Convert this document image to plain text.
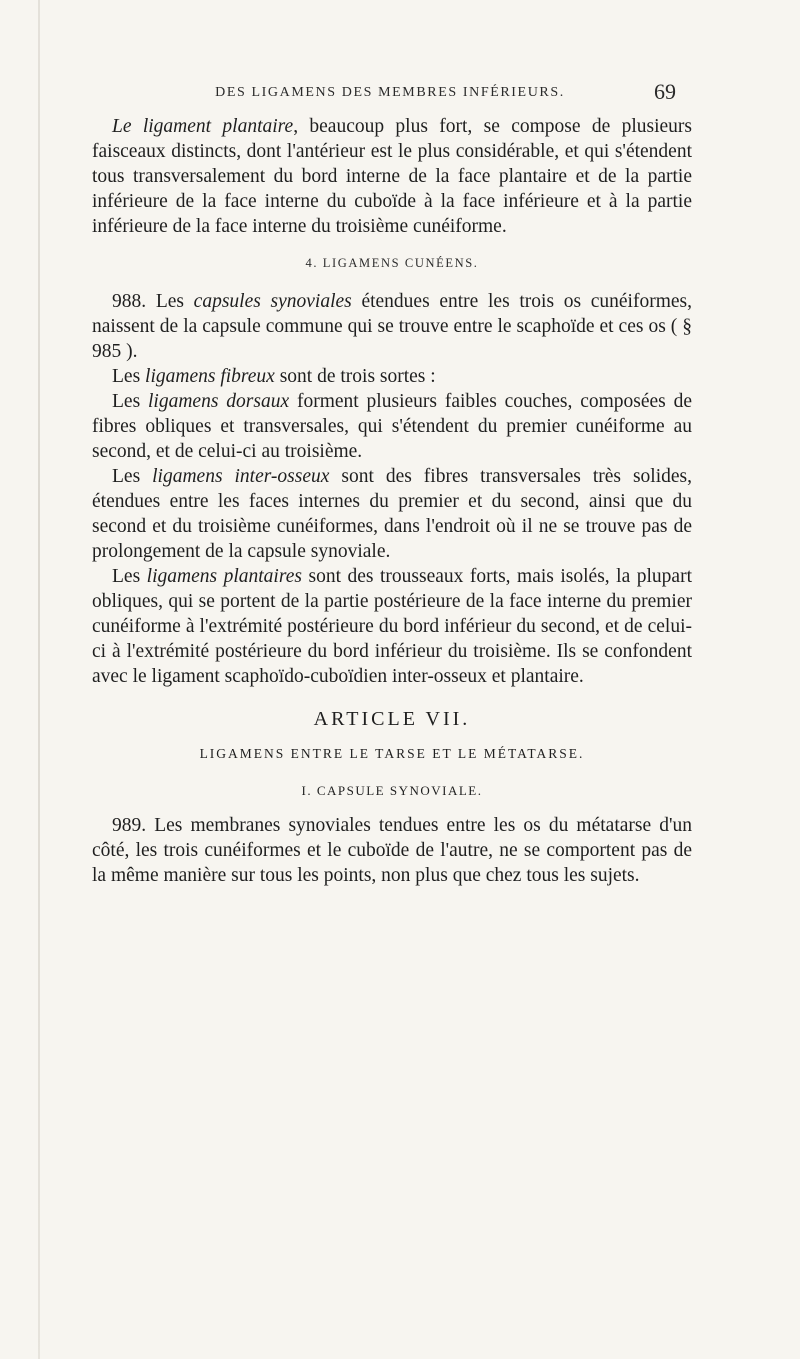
DES LIGAMENS DES MEMBRES INFÉRIEURS.	69

Le ligament plantaire, beaucoup plus fort, se compose de plusieurs faisceaux distincts, dont l'antérieur est le plus considérable, et qui s'étendent tous transversalement du bord interne de la face plantaire et de la partie inférieure de la face interne du cuboïde à la face inférieure et à la partie inférieure de la face interne du troisième cunéiforme.

4. LIGAMENS CUNÉENS.

988. Les capsules synoviales étendues entre les trois os cunéiformes, naissent de la capsule commune qui se trouve entre le scaphoïde et ces os ( § 985 ).

Les ligamens fibreux sont de trois sortes :

Les ligamens dorsaux forment plusieurs faibles couches, composées de fibres obliques et transversales, qui s'étendent du premier cunéiforme au second, et de celui-ci au troisième.

Les ligamens inter-osseux sont des fibres transversales très solides, étendues entre les faces internes du premier et du second, ainsi que du second et du troisième cunéiformes, dans l'endroit où il ne se trouve pas de prolongement de la capsule synoviale.

Les ligamens plantaires sont des trousseaux forts, mais isolés, la plupart obliques, qui se portent de la partie postérieure de la face interne du premier cunéiforme à l'extrémité postérieure du bord inférieur du second, et de celui-ci à l'extrémité postérieure du bord inférieur du troisième. Ils se confondent avec le ligament scaphoïdo-cuboïdien inter-osseux et plantaire.

ARTICLE VII.
LIGAMENS ENTRE LE TARSE ET LE MÉTATARSE.
I. CAPSULE SYNOVIALE.

989. Les membranes synoviales tendues entre les os du métatarse d'un côté, les trois cunéiformes et le cuboïde de l'autre, ne se comportent pas de la même manière sur tous les points, non plus que chez tous les sujets.
